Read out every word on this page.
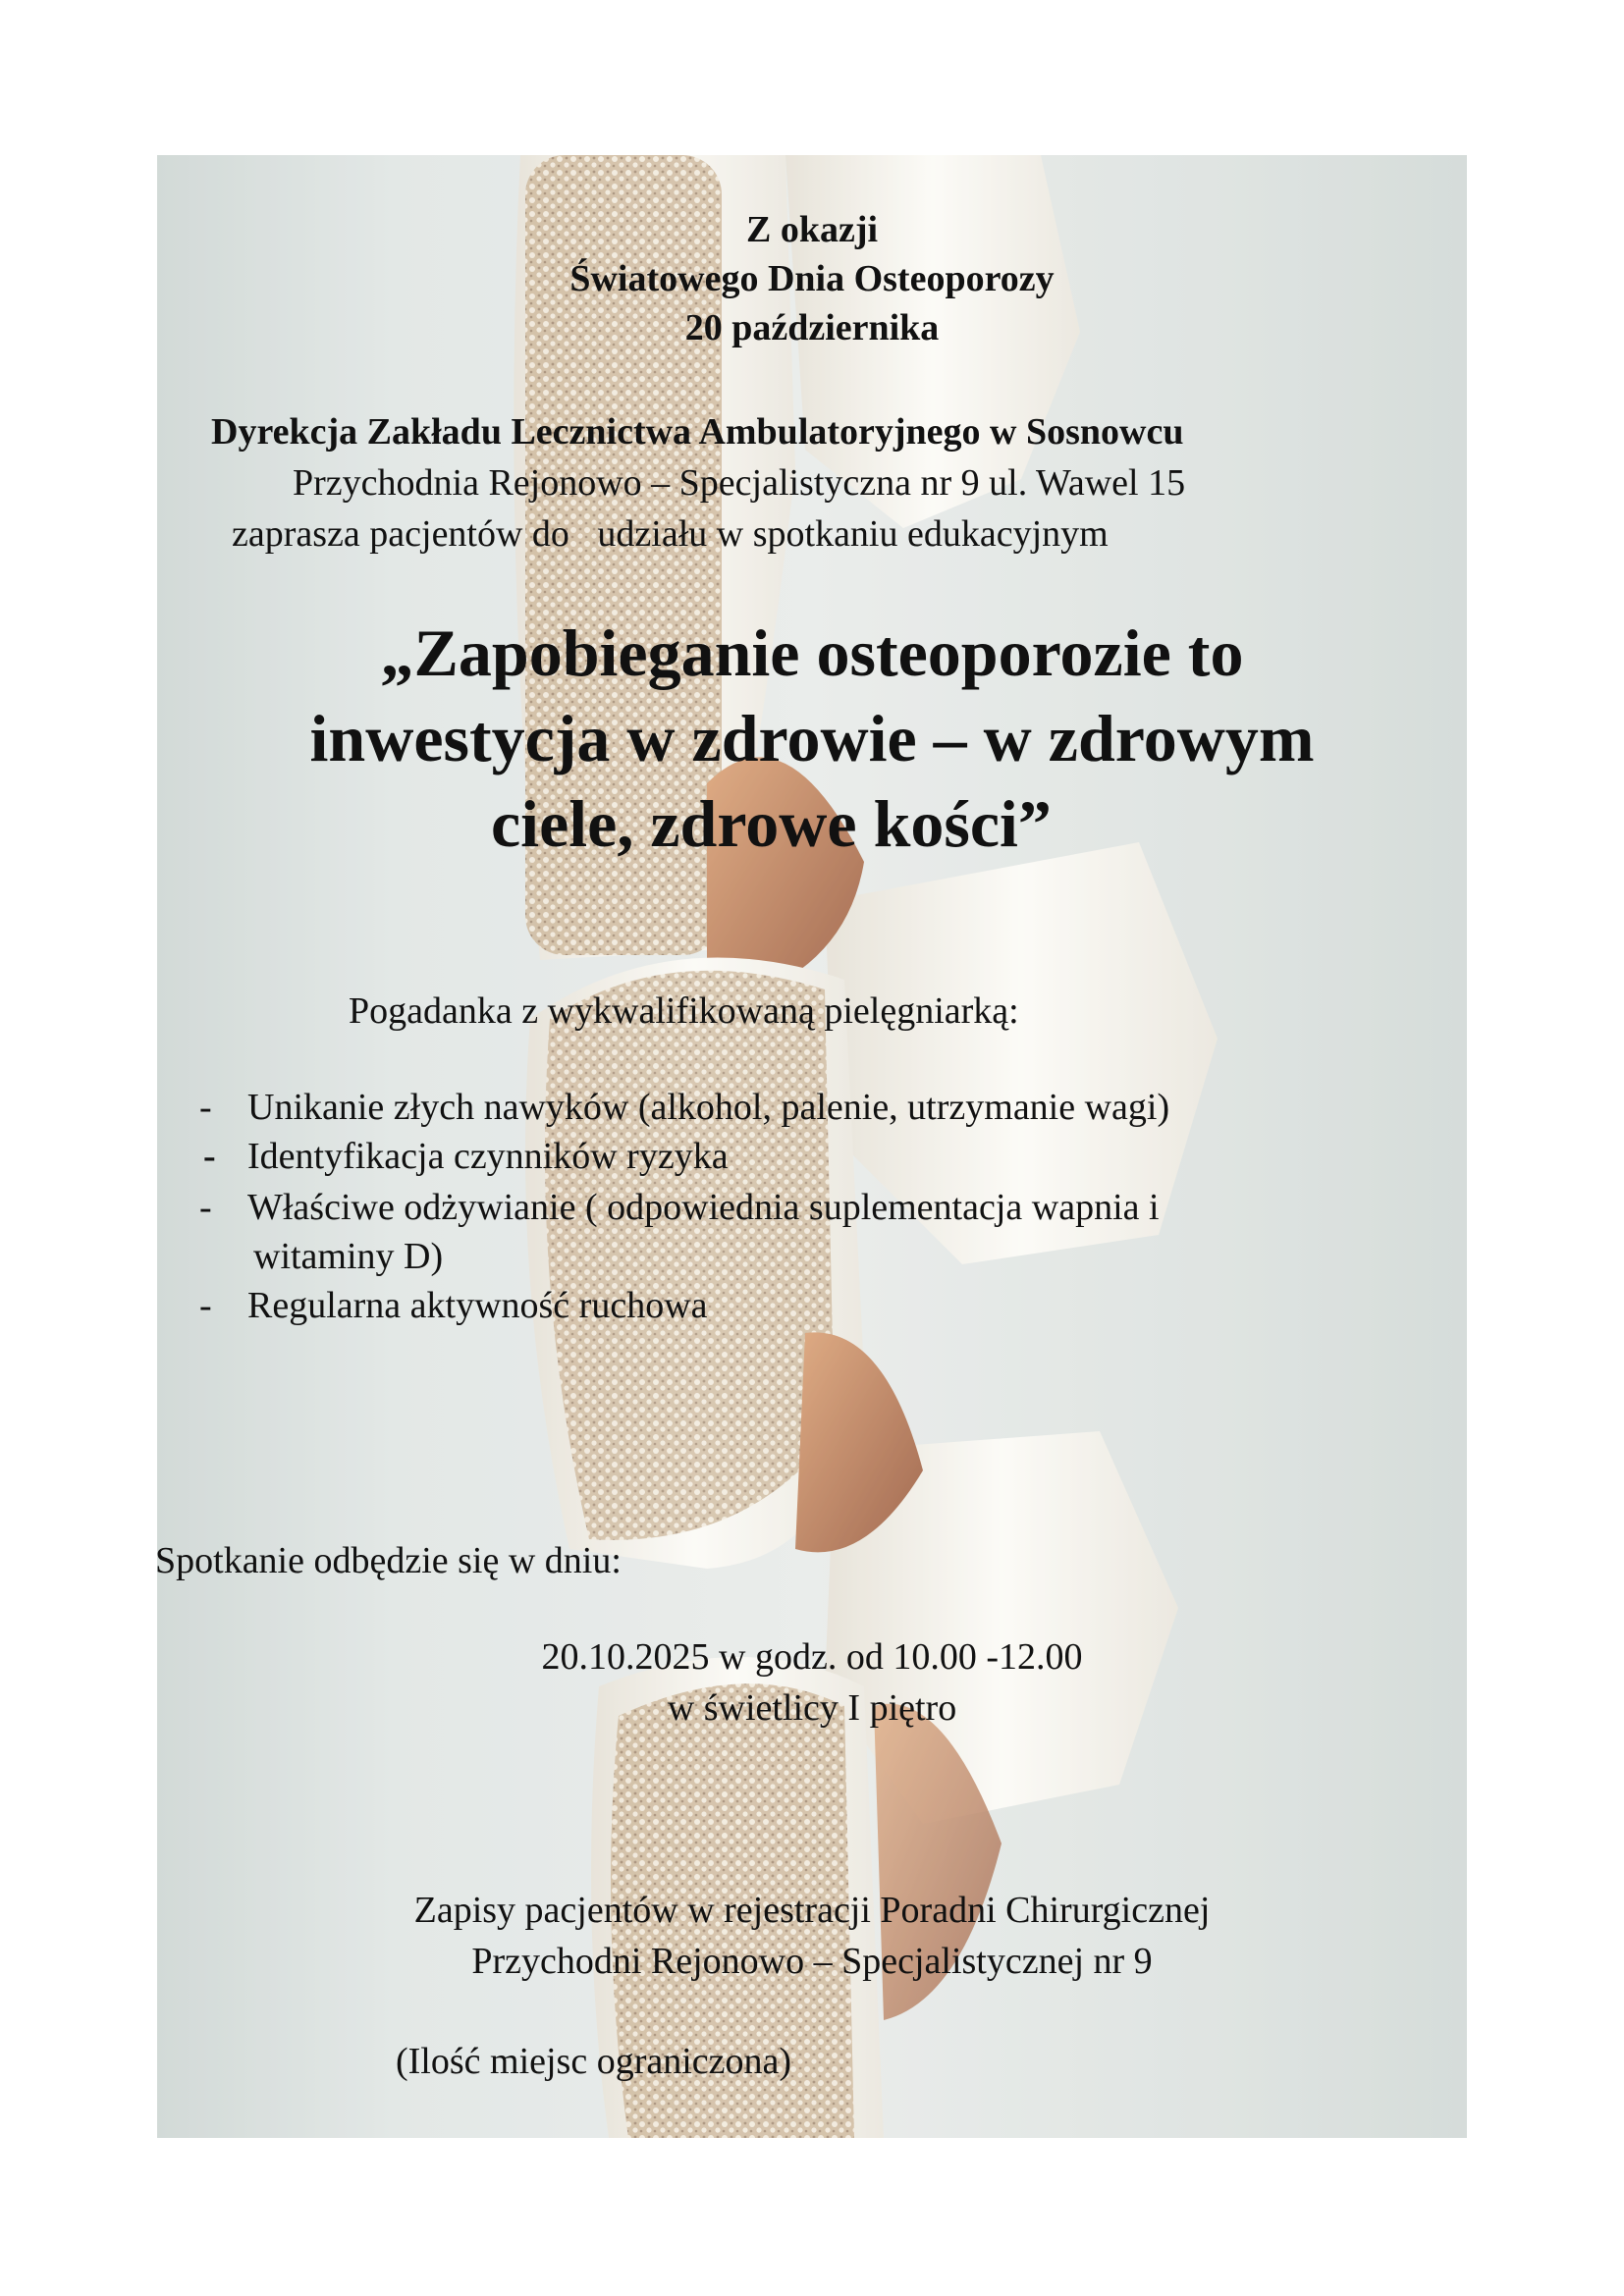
Z okazji
Światowego Dnia Osteoporozy
20 października
Dyrekcja Zakładu Lecznictwa Ambulatoryjnego w Sosnowcu
Przychodnia Rejonowo – Specjalistyczna nr 9 ul. Wawel 15
zaprasza pacjentów do   udziału w spotkaniu edukacyjnym
„Zapobieganie osteoporozie to
inwestycja w zdrowie – w zdrowym
ciele, zdrowe kości”
Pogadanka z wykwalifikowaną pielęgniarką:
- Unikanie złych nawyków (alkohol, palenie, utrzymanie wagi)
- Identyfikacja czynników ryzyka
- Właściwe odżywianie ( odpowiednia suplementacja wapnia i
witaminy D)
- Regularna aktywność ruchowa
Spotkanie odbędzie się w dniu:
20.10.2025 w godz. od 10.00 -12.00
w świetlicy I piętro
Zapisy pacjentów w rejestracji Poradni Chirurgicznej
Przychodni Rejonowo – Specjalistycznej nr 9
(Ilość miejsc ograniczona)
